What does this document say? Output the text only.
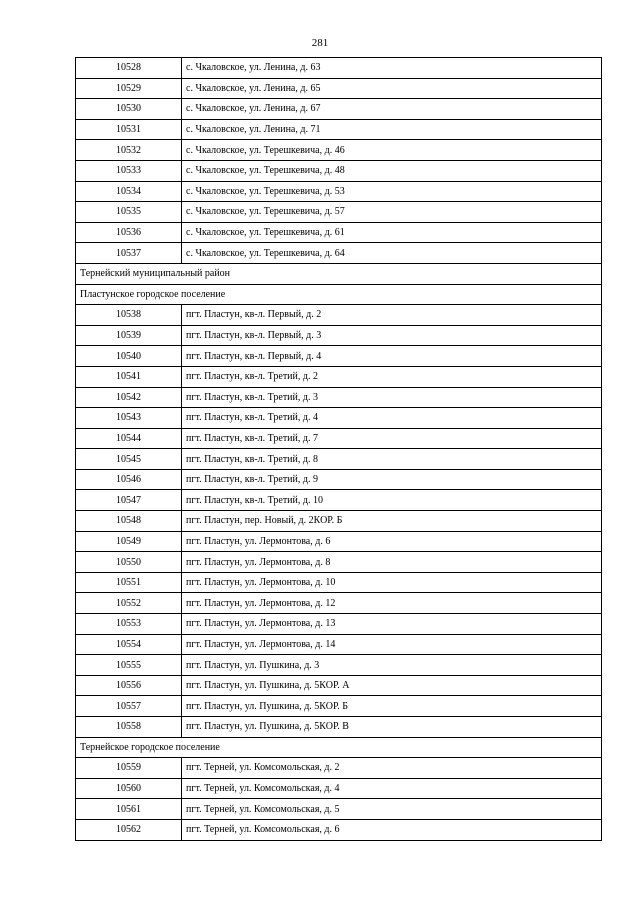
281
10528	с. Чкаловское, ул. Ленина, д. 63
10529	с. Чкаловское, ул. Ленина, д. 65
10530	с. Чкаловское, ул. Ленина, д. 67
10531	с. Чкаловское, ул. Ленина, д. 71
10532	с. Чкаловское, ул. Терешкевича, д. 46
10533	с. Чкаловское, ул. Терешкевича, д. 48
10534	с. Чкаловское, ул. Терешкевича, д. 53
10535	с. Чкаловское, ул. Терешкевича, д. 57
10536	с. Чкаловское, ул. Терешкевича, д. 61
10537	с. Чкаловское, ул. Терешкевича, д. 64
Тернейский муниципальный район	
Пластунское городское поселение	
10538	пгт. Пластун, кв-л. Первый, д. 2
10539	пгт. Пластун, кв-л. Первый, д. 3
10540	пгт. Пластун, кв-л. Первый, д. 4
10541	пгт. Пластун, кв-л. Третий, д. 2
10542	пгт. Пластун, кв-л. Третий, д. 3
10543	пгт. Пластун, кв-л. Третий, д. 4
10544	пгт. Пластун, кв-л. Третий, д. 7
10545	пгт. Пластун, кв-л. Третий, д. 8
10546	пгт. Пластун, кв-л. Третий, д. 9
10547	пгт. Пластун, кв-л. Третий, д. 10
10548	пгт. Пластун, пер. Новый, д. 2КОР. Б
10549	пгт. Пластун, ул. Лермонтова, д. 6
10550	пгт. Пластун, ул. Лермонтова, д. 8
10551	пгт. Пластун, ул. Лермонтова, д. 10
10552	пгт. Пластун, ул. Лермонтова, д. 12
10553	пгт. Пластун, ул. Лермонтова, д. 13
10554	пгт. Пластун, ул. Лермонтова, д. 14
10555	пгт. Пластун, ул. Пушкина, д. 3
10556	пгт. Пластун, ул. Пушкина, д. 5КОР. А
10557	пгт. Пластун, ул. Пушкина, д. 5КОР. Б
10558	пгт. Пластун, ул. Пушкина, д. 5КОР. В
Тернейское городское поселение	
10559	пгт. Терней, ул. Комсомольская, д. 2
10560	пгт. Терней, ул. Комсомольская, д. 4
10561	пгт. Терней, ул. Комсомольская, д. 5
10562	пгт. Терней, ул. Комсомольская, д. 6
